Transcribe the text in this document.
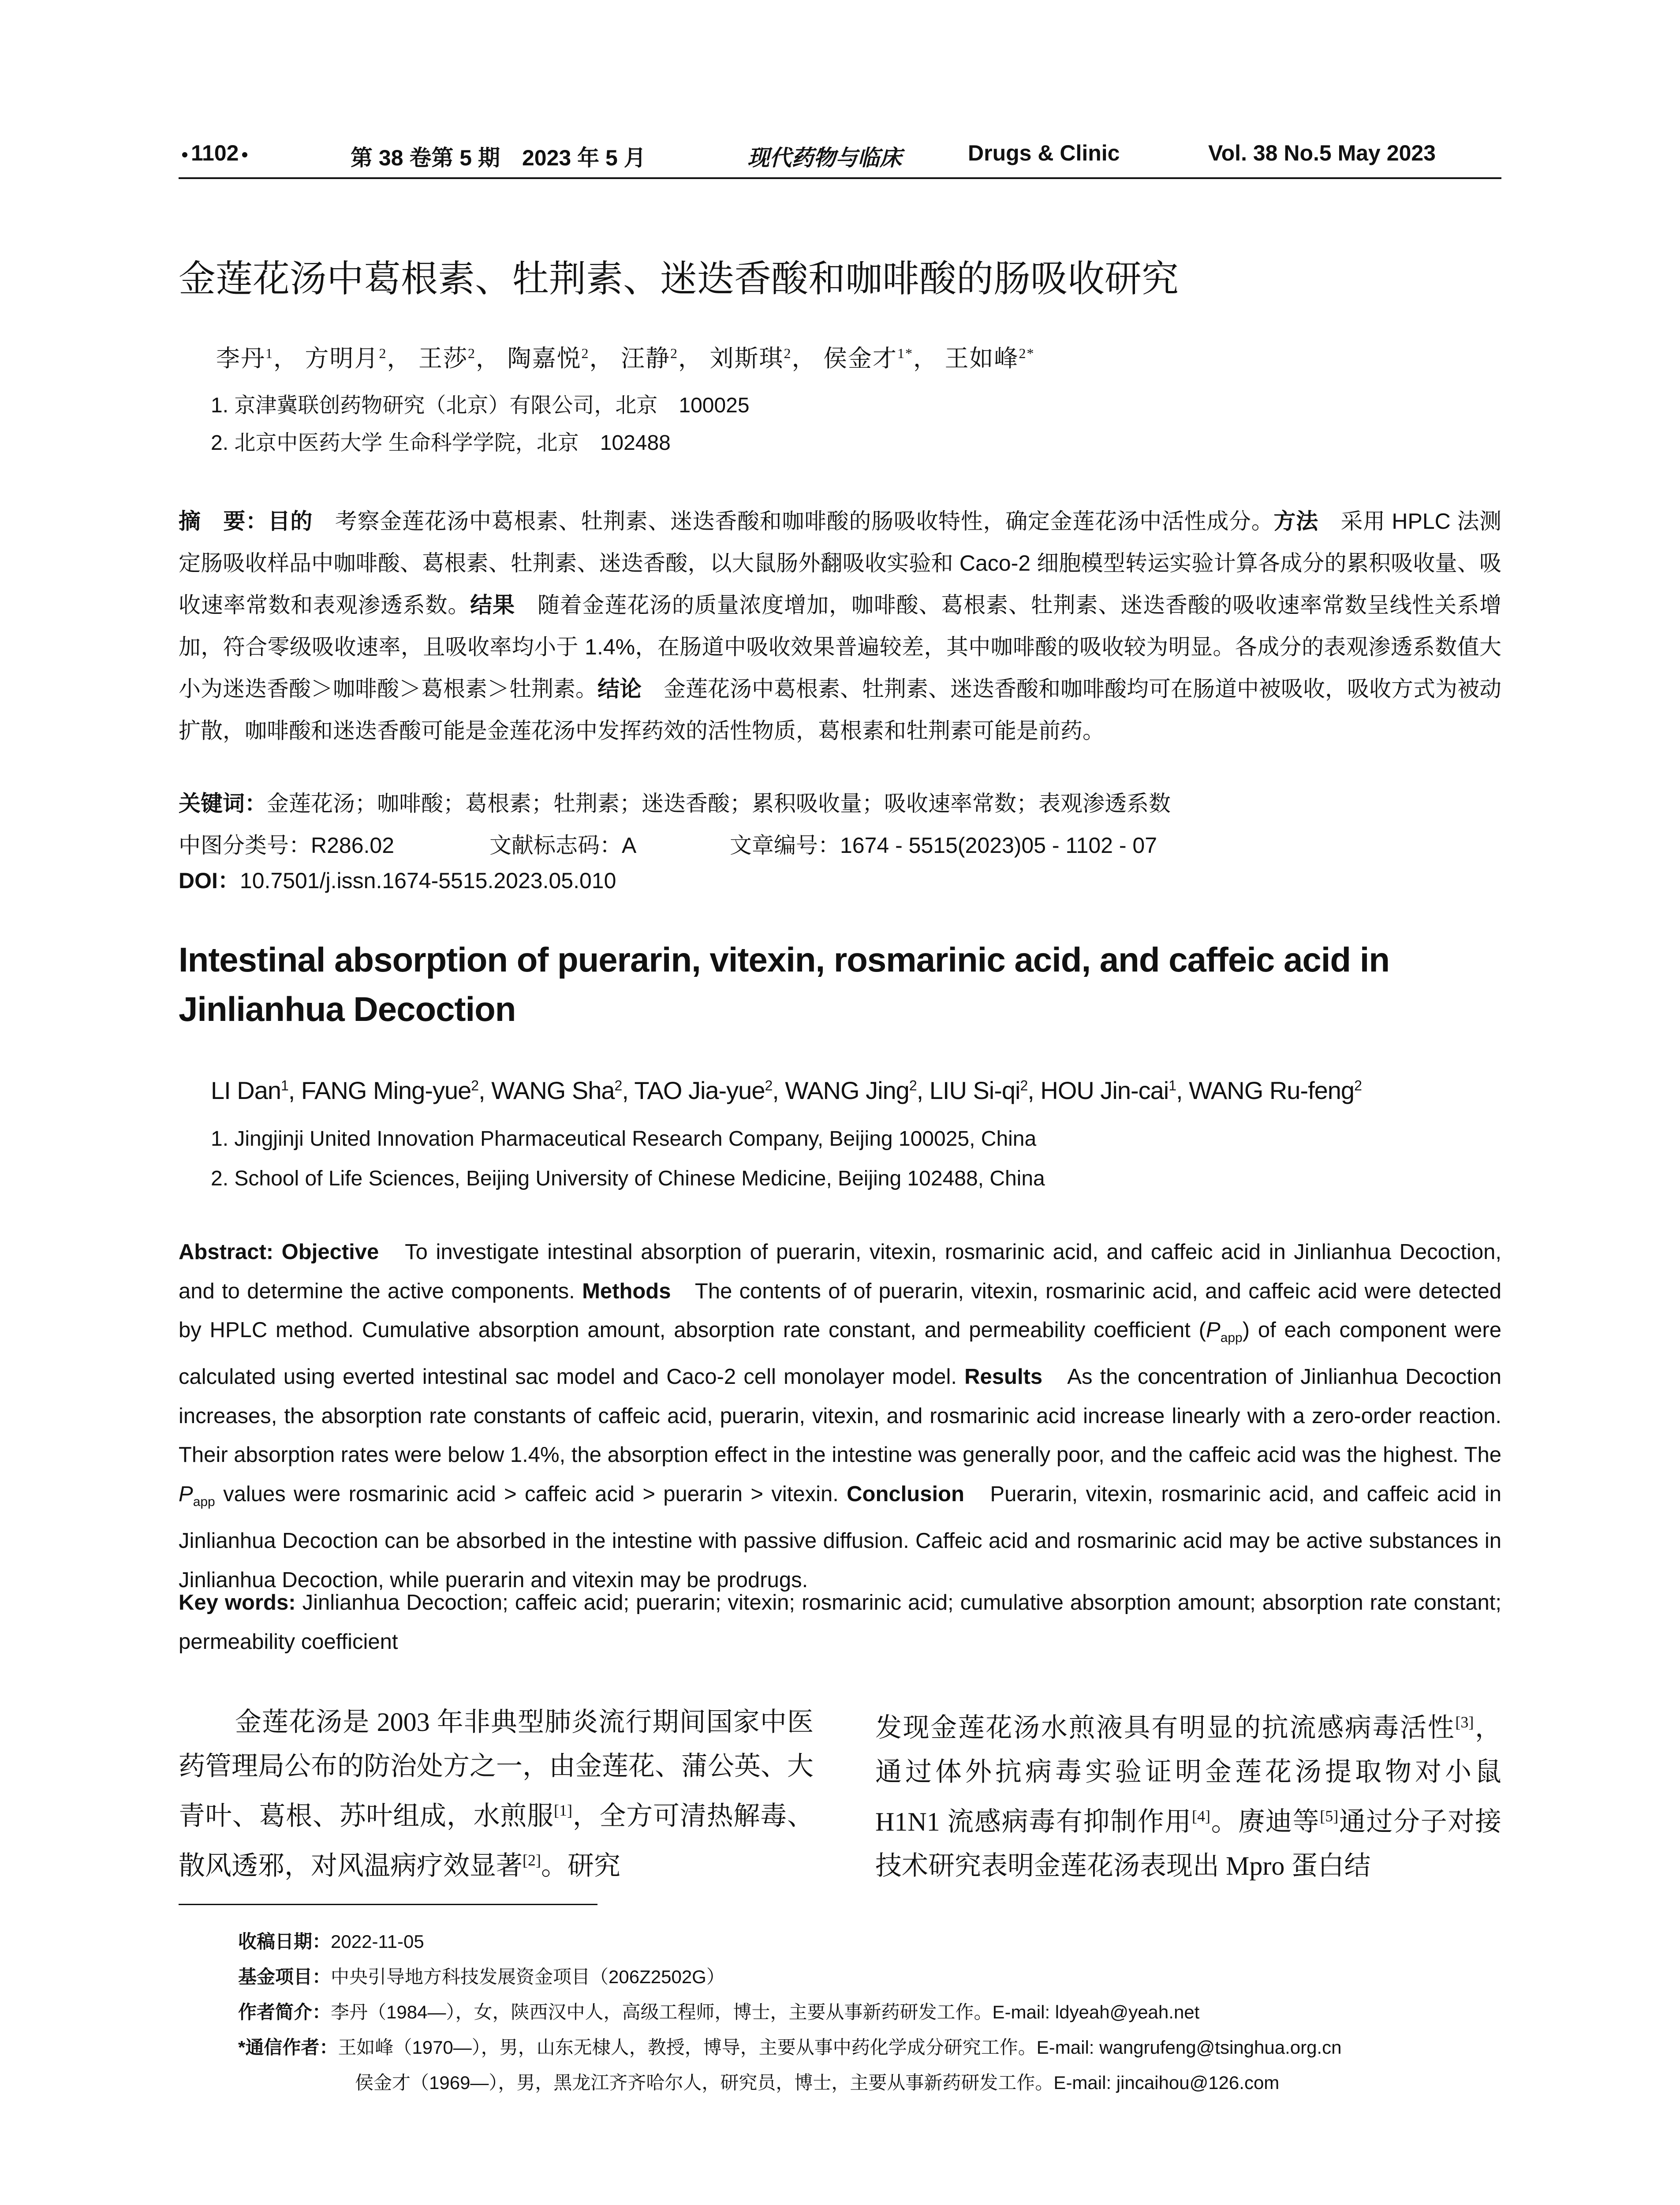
1102	第 38 卷第 5 期　2023 年 5 月	现代药物与临床	Drugs & Clinic	Vol. 38 No.5 May 2023
金莲花汤中葛根素、牡荆素、迷迭香酸和咖啡酸的肠吸收研究
李丹$^1$， 方明月$^2$， 王莎$^2$， 陶嘉悦$^2$， 汪静$^2$， 刘斯琪$^2$， 侯金才$^{1*}$， 王如峰$^{2*}$
1. 京津冀联创药物研究（北京）有限公司，北京　100025
2. 北京中医药大学 生命科学学院，北京　102488
摘　要：目的　考察金莲花汤中葛根素、牡荆素、迷迭香酸和咖啡酸的肠吸收特性，确定金莲花汤中活性成分。方法　采用 HPLC 法测定肠吸收样品中咖啡酸、葛根素、牡荆素、迷迭香酸，以大鼠肠外翻吸收实验和 Caco-2 细胞模型转运实验计算各成分的累积吸收量、吸收速率常数和表观渗透系数。结果　随着金莲花汤的质量浓度增加，咖啡酸、葛根素、牡荆素、迷迭香酸的吸收速率常数呈线性关系增加，符合零级吸收速率，且吸收率均小于 1.4%，在肠道中吸收效果普遍较差，其中咖啡酸的吸收较为明显。各成分的表观渗透系数值大小为迷迭香酸＞咖啡酸＞葛根素＞牡荆素。结论　金莲花汤中葛根素、牡荆素、迷迭香酸和咖啡酸均可在肠道中被吸收，吸收方式为被动扩散，咖啡酸和迷迭香酸可能是金莲花汤中发挥药效的活性物质，葛根素和牡荆素可能是前药。
关键词：金莲花汤；咖啡酸；葛根素；牡荆素；迷迭香酸；累积吸收量；吸收速率常数；表观渗透系数
中图分类号：R286.02	文献标志码：A	文章编号：1674 - 5515(2023)05 - 1102 - 07
DOI：10.7501/j.issn.1674-5515.2023.05.010
Intestinal absorption of puerarin, vitexin, rosmarinic acid, and caffeic acid in Jinlianhua Decoction
LI Dan$^1$, FANG Ming-yue$^2$, WANG Sha$^2$, TAO Jia-yue$^2$, WANG Jing$^2$, LIU $Si-qi^2$, HOU Jin-cai$^1$, WANG Ru-feng$^2$
1. Jingjinji United Innovation Pharmaceutical Research Company, Beijing 100025, China
2. School of Life Sciences, Beijing University of Chinese Medicine, Beijing 102488, China
Abstract: Objective　To investigate intestinal absorption of puerarin, vitexin, rosmarinic acid, and caffeic acid in Jinlianhua Decoction, and to determine the active components. Methods　The contents of of puerarin, vitexin, rosmarinic acid, and caffeic acid were detected by HPLC method. Cumulative absorption amount, absorption rate constant, and permeability coefficient $(P_{app})$ of each component were calculated using everted intestinal sac model and Caco-2 cell monolayer model. Results　As the concentration of Jinlianhua Decoction increases, the absorption rate constants of caffeic acid, puerarin, vitexin, and rosmarinic acid increase linearly with a zero-order reaction. Their absorption rates were below 1.4%, the absorption effect in the intestine was generally poor, and the caffeic acid was the highest. The $P_{app}$ values were rosmarinic acid > caffeic acid > puerarin > vitexin. Conclusion　Puerarin, vitexin, rosmarinic acid, and caffeic acid in Jinlianhua Decoction can be absorbed in the intestine with passive diffusion. Caffeic acid and rosmarinic acid may be active substances in Jinlianhua Decoction, while puerarin and vitexin may be prodrugs.
Key words: Jinlianhua Decoction; caffeic acid; puerarin; vitexin; rosmarinic acid; cumulative absorption amount; absorption rate constant; permeability coefficient
金莲花汤是 2003 年非典型肺炎流行期间国家中医药管理局公布的防治处方之一，由金莲花、蒲公英、大青叶、葛根、苏叶组成，水煎服[1]，全方可清热解毒、散风透邪，对风温病疗效显著[2]。研究
发现金莲花汤水煎液具有明显的抗流感病毒活性[3]，通过体外抗病毒实验证明金莲花汤提取物对小鼠 H1N1 流感病毒有抑制作用[4]。赓迪等[5]通过分子对接技术研究表明金莲花汤表现出 Mpro 蛋白结
收稿日期：2022-11-05
基金项目：中央引导地方科技发展资金项目（206Z2502G）
作者简介：李丹（1984—），女，陕西汉中人，高级工程师，博士，主要从事新药研发工作。E-mail: ldyeah@yeah.net
*通信作者：王如峰（1970—），男，山东无棣人，教授，博导，主要从事中药化学成分研究工作。E-mail: wangrufeng@tsinghua.org.cn
侯金才（1969—），男，黑龙江齐齐哈尔人，研究员，博士，主要从事新药研发工作。E-mail: jincaihou@126.com
